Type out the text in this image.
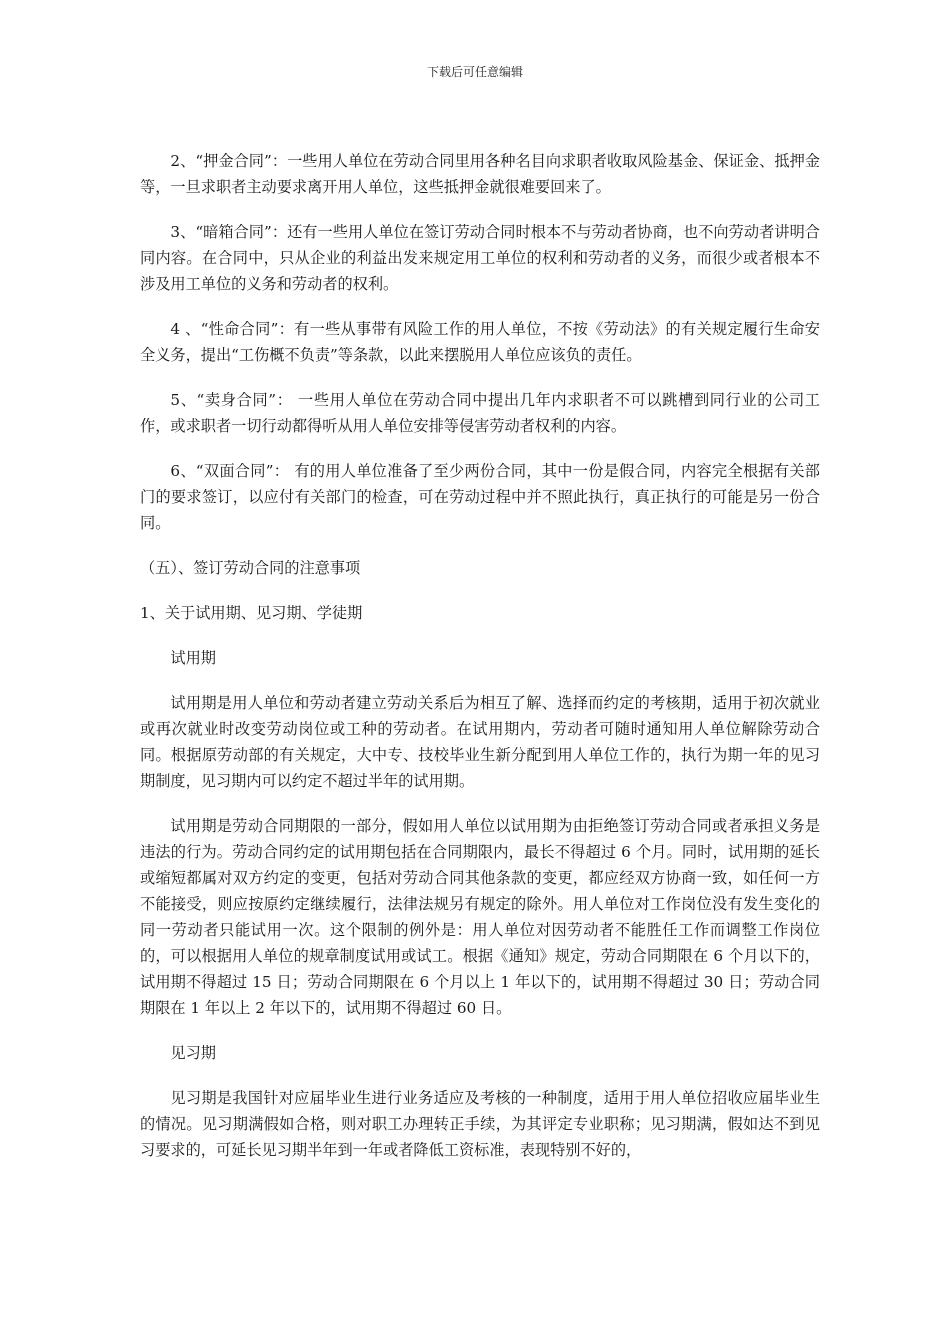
下载后可任意编辑

2、“押金合同”：一些用人单位在劳动合同里用各种名目向求职者收取风险基金、保证金、抵押金等，一旦求职者主动要求离开用人单位，这些抵押金就很难要回来了。

3、“暗箱合同”：还有一些用人单位在签订劳动合同时根本不与劳动者协商，也不向劳动者讲明合同内容。在合同中，只从企业的利益出发来规定用工单位的权利和劳动者的义务，而很少或者根本不涉及用工单位的义务和劳动者的权利。

4 、“性命合同”：有一些从事带有风险工作的用人单位，不按《劳动法》的有关规定履行生命安全义务，提出“工伤概不负责”等条款，以此来摆脱用人单位应该负的责任。

5、“卖身合同”： 一些用人单位在劳动合同中提出几年内求职者不可以跳槽到同行业的公司工作，或求职者一切行动都得听从用人单位安排等侵害劳动者权利的内容。

6、“双面合同”： 有的用人单位准备了至少两份合同，其中一份是假合同，内容完全根据有关部门的要求签订，以应付有关部门的检查，可在劳动过程中并不照此执行，真正执行的可能是另一份合同。

（五）、签订劳动合同的注意事项

1、关于试用期、见习期、学徒期

试用期

试用期是用人单位和劳动者建立劳动关系后为相互了解、选择而约定的考核期，适用于初次就业或再次就业时改变劳动岗位或工种的劳动者。在试用期内，劳动者可随时通知用人单位解除劳动合同。根据原劳动部的有关规定，大中专、技校毕业生新分配到用人单位工作的，执行为期一年的见习期制度，见习期内可以约定不超过半年的试用期。

试用期是劳动合同期限的一部分，假如用人单位以试用期为由拒绝签订劳动合同或者承担义务是违法的行为。劳动合同约定的试用期包括在合同期限内，最长不得超过 6 个月。同时，试用期的延长或缩短都属对双方约定的变更，包括对劳动合同其他条款的变更，都应经双方协商一致，如任何一方不能接受，则应按原约定继续履行，法律法规另有规定的除外。用人单位对工作岗位没有发生变化的同一劳动者只能试用一次。这个限制的例外是：用人单位对因劳动者不能胜任工作而调整工作岗位的，可以根据用人单位的规章制度试用或试工。根据《通知》规定，劳动合同期限在 6 个月以下的，试用期不得超过 15 日；劳动合同期限在 6 个月以上 1 年以下的，试用期不得超过 30 日；劳动合同期限在 1 年以上 2 年以下的，试用期不得超过 60 日。

见习期

见习期是我国针对应届毕业生进行业务适应及考核的一种制度，适用于用人单位招收应届毕业生的情况。见习期满假如合格，则对职工办理转正手续，为其评定专业职称；见习期满，假如达不到见习要求的，可延长见习期半年到一年或者降低工资标准，表现特别不好的，
